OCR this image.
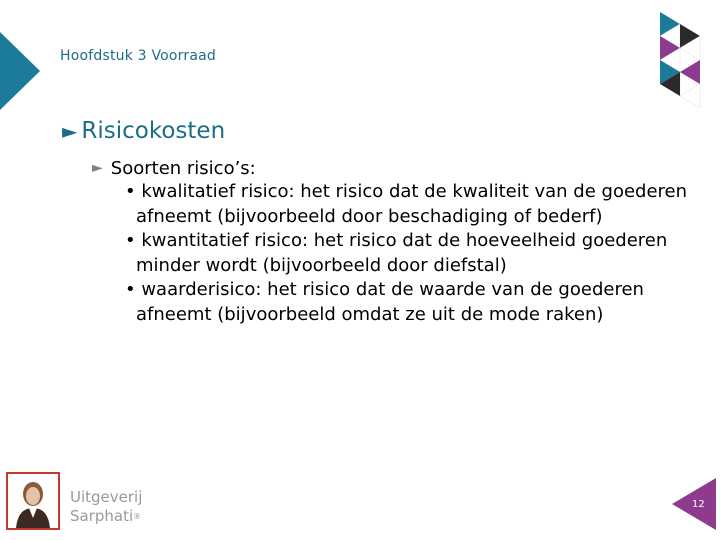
Hoofdstuk 3 Voorraad
► Risicokosten
► Soorten risico’s:

• kwalitatief risico: het risico dat de kwaliteit van de goederen afneemt (bijvoorbeeld door beschadiging of bederf)

• kwantitatief risico: het risico dat de hoeveelheid goederen minder wordt (bijvoorbeeld door diefstal)

• waarderisico: het risico dat de waarde van de goederen afneemt (bijvoorbeeld omdat ze uit de mode raken)

Uitgeverij
Sarphati®
12
